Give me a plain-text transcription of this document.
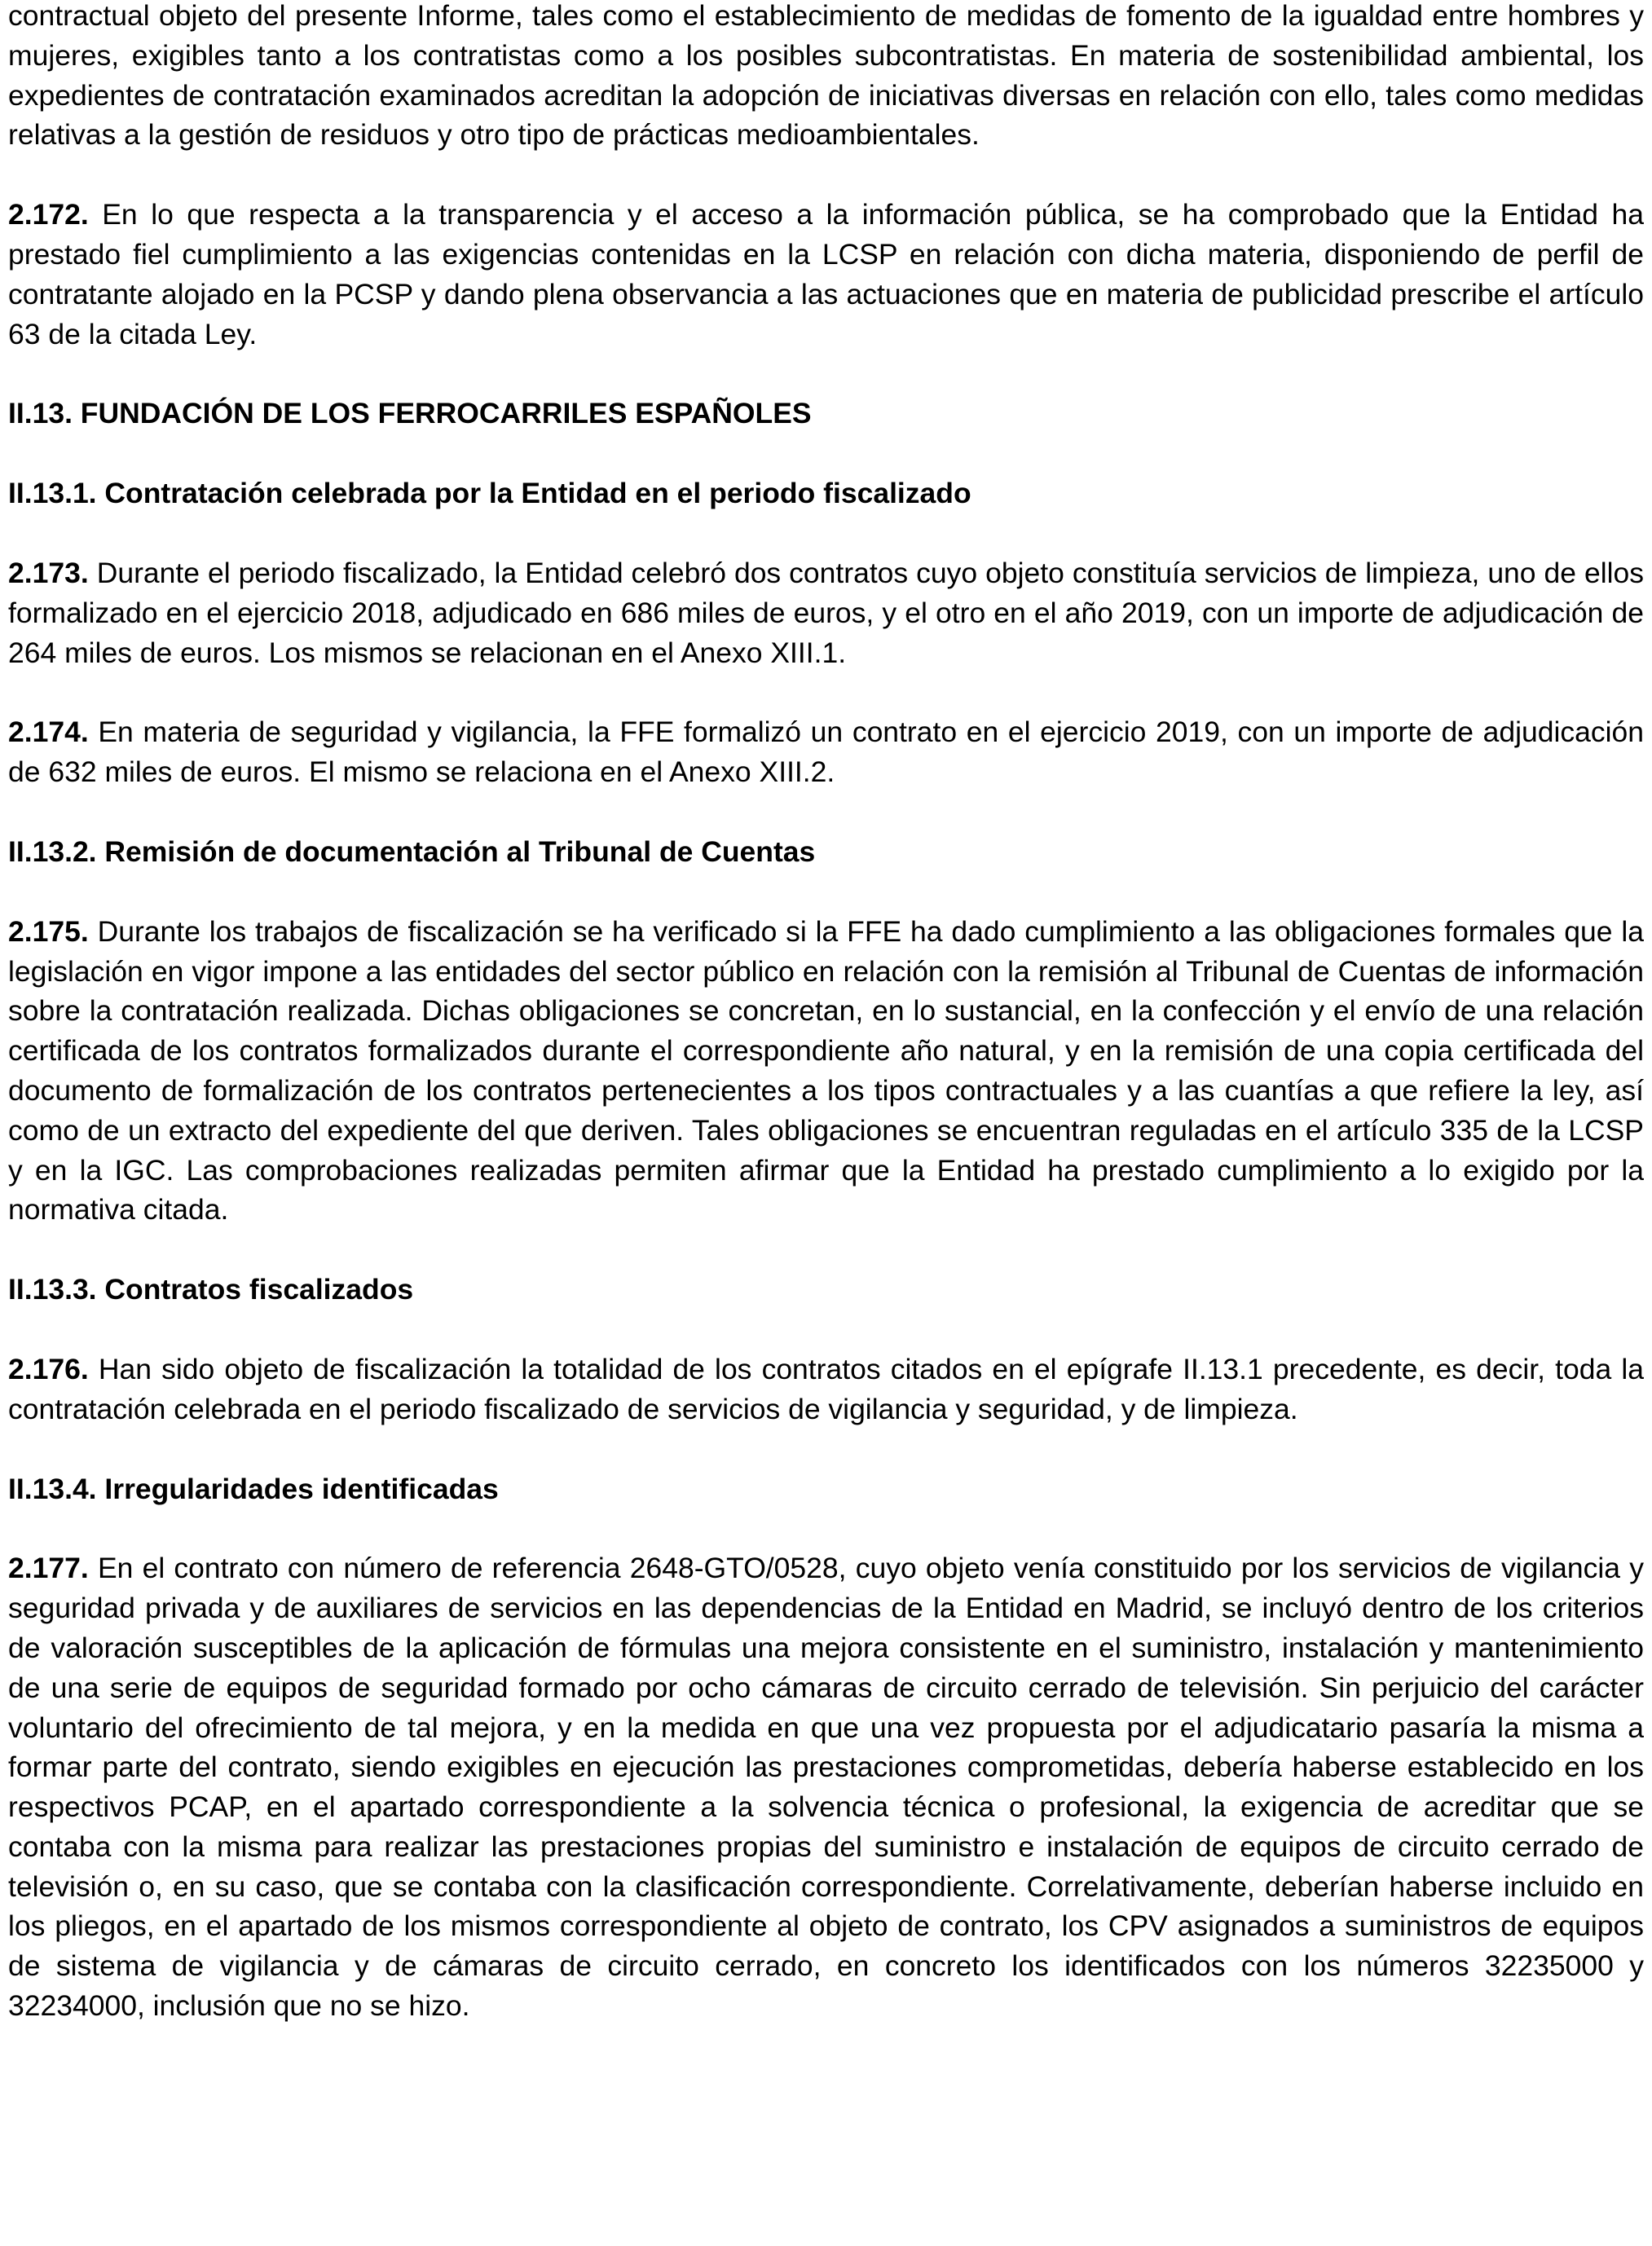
contractual objeto del presente Informe, tales como el establecimiento de medidas de fomento de la igualdad entre hombres y mujeres, exigibles tanto a los contratistas como a los posibles subcontratistas. En materia de sostenibilidad ambiental, los expedientes de contratación examinados acreditan la adopción de iniciativas diversas en relación con ello, tales como medidas relativas a la gestión de residuos y otro tipo de prácticas medioambientales.

2.172. En lo que respecta a la transparencia y el acceso a la información pública, se ha comprobado que la Entidad ha prestado fiel cumplimiento a las exigencias contenidas en la LCSP en relación con dicha materia, disponiendo de perfil de contratante alojado en la PCSP y dando plena observancia a las actuaciones que en materia de publicidad prescribe el artículo 63 de la citada Ley.

II.13. FUNDACIÓN DE LOS FERROCARRILES ESPAÑOLES
II.13.1. Contratación celebrada por la Entidad en el periodo fiscalizado

2.173. Durante el periodo fiscalizado, la Entidad celebró dos contratos cuyo objeto constituía servicios de limpieza, uno de ellos formalizado en el ejercicio 2018, adjudicado en 686 miles de euros, y el otro en el año 2019, con un importe de adjudicación de 264 miles de euros. Los mismos se relacionan en el Anexo XIII.1.

2.174. En materia de seguridad y vigilancia, la FFE formalizó un contrato en el ejercicio 2019, con un importe de adjudicación de 632 miles de euros. El mismo se relaciona en el Anexo XIII.2.

II.13.2. Remisión de documentación al Tribunal de Cuentas

2.175. Durante los trabajos de fiscalización se ha verificado si la FFE ha dado cumplimiento a las obligaciones formales que la legislación en vigor impone a las entidades del sector público en relación con la remisión al Tribunal de Cuentas de información sobre la contratación realizada. Dichas obligaciones se concretan, en lo sustancial, en la confección y el envío de una relación certificada de los contratos formalizados durante el correspondiente año natural, y en la remisión de una copia certificada del documento de formalización de los contratos pertenecientes a los tipos contractuales y a las cuantías a que refiere la ley, así como de un extracto del expediente del que deriven. Tales obligaciones se encuentran reguladas en el artículo 335 de la LCSP y en la IGC. Las comprobaciones realizadas permiten afirmar que la Entidad ha prestado cumplimiento a lo exigido por la normativa citada.

II.13.3. Contratos fiscalizados

2.176. Han sido objeto de fiscalización la totalidad de los contratos citados en el epígrafe II.13.1 precedente, es decir, toda la contratación celebrada en el periodo fiscalizado de servicios de vigilancia y seguridad, y de limpieza.

II.13.4. Irregularidades identificadas

2.177. En el contrato con número de referencia 2648-GTO/0528, cuyo objeto venía constituido por los servicios de vigilancia y seguridad privada y de auxiliares de servicios en las dependencias de la Entidad en Madrid, se incluyó dentro de los criterios de valoración susceptibles de la aplicación de fórmulas una mejora consistente en el suministro, instalación y mantenimiento de una serie de equipos de seguridad formado por ocho cámaras de circuito cerrado de televisión. Sin perjuicio del carácter voluntario del ofrecimiento de tal mejora, y en la medida en que una vez propuesta por el adjudicatario pasaría la misma a formar parte del contrato, siendo exigibles en ejecución las prestaciones comprometidas, debería haberse establecido en los respectivos PCAP, en el apartado correspondiente a la solvencia técnica o profesional, la exigencia de acreditar que se contaba con la misma para realizar las prestaciones propias del suministro e instalación de equipos de circuito cerrado de televisión o, en su caso, que se contaba con la clasificación correspondiente. Correlativamente, deberían haberse incluido en los pliegos, en el apartado de los mismos correspondiente al objeto de contrato, los CPV asignados a suministros de equipos de sistema de vigilancia y de cámaras de circuito cerrado, en concreto los identificados con los números 32235000 y 32234000, inclusión que no se hizo.
